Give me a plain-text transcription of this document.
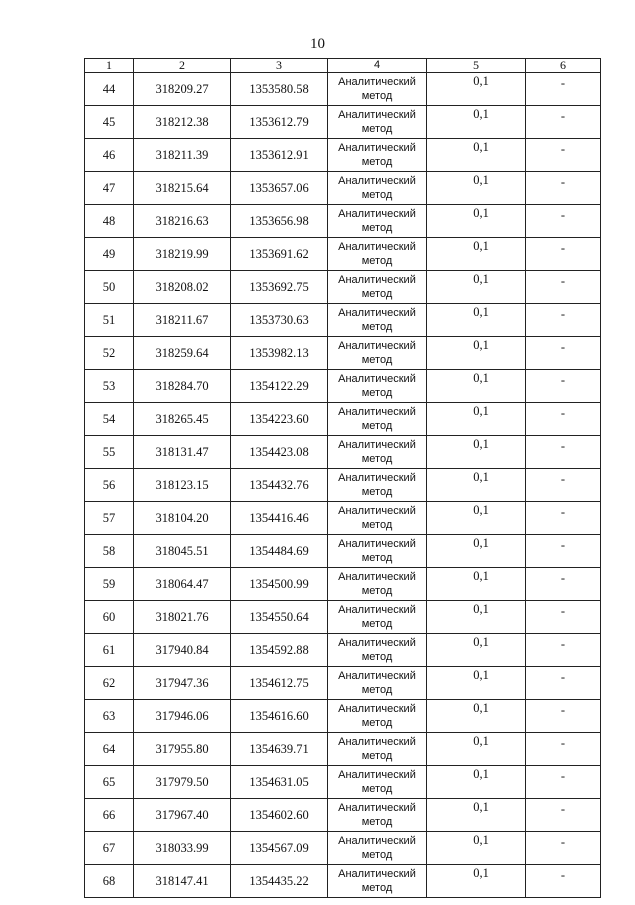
10
1	2	3	4	5	6
44	318209.27	1353580.58	Аналитический
метод	0,1	-
45	318212.38	1353612.79	Аналитический
метод	0,1	-
46	318211.39	1353612.91	Аналитический
метод	0,1	-
47	318215.64	1353657.06	Аналитический
метод	0,1	-
48	318216.63	1353656.98	Аналитический
метод	0,1	-
49	318219.99	1353691.62	Аналитический
метод	0,1	-
50	318208.02	1353692.75	Аналитический
метод	0,1	-
51	318211.67	1353730.63	Аналитический
метод	0,1	-
52	318259.64	1353982.13	Аналитический
метод	0,1	-
53	318284.70	1354122.29	Аналитический
метод	0,1	-
54	318265.45	1354223.60	Аналитический
метод	0,1	-
55	318131.47	1354423.08	Аналитический
метод	0,1	-
56	318123.15	1354432.76	Аналитический
метод	0,1	-
57	318104.20	1354416.46	Аналитический
метод	0,1	-
58	318045.51	1354484.69	Аналитический
метод	0,1	-
59	318064.47	1354500.99	Аналитический
метод	0,1	-
60	318021.76	1354550.64	Аналитический
метод	0,1	-
61	317940.84	1354592.88	Аналитический
метод	0,1	-
62	317947.36	1354612.75	Аналитический
метод	0,1	-
63	317946.06	1354616.60	Аналитический
метод	0,1	-
64	317955.80	1354639.71	Аналитический
метод	0,1	-
65	317979.50	1354631.05	Аналитический
метод	0,1	-
66	317967.40	1354602.60	Аналитический
метод	0,1	-
67	318033.99	1354567.09	Аналитический
метод	0,1	-
68	318147.41	1354435.22	Аналитический
метод	0,1	-
